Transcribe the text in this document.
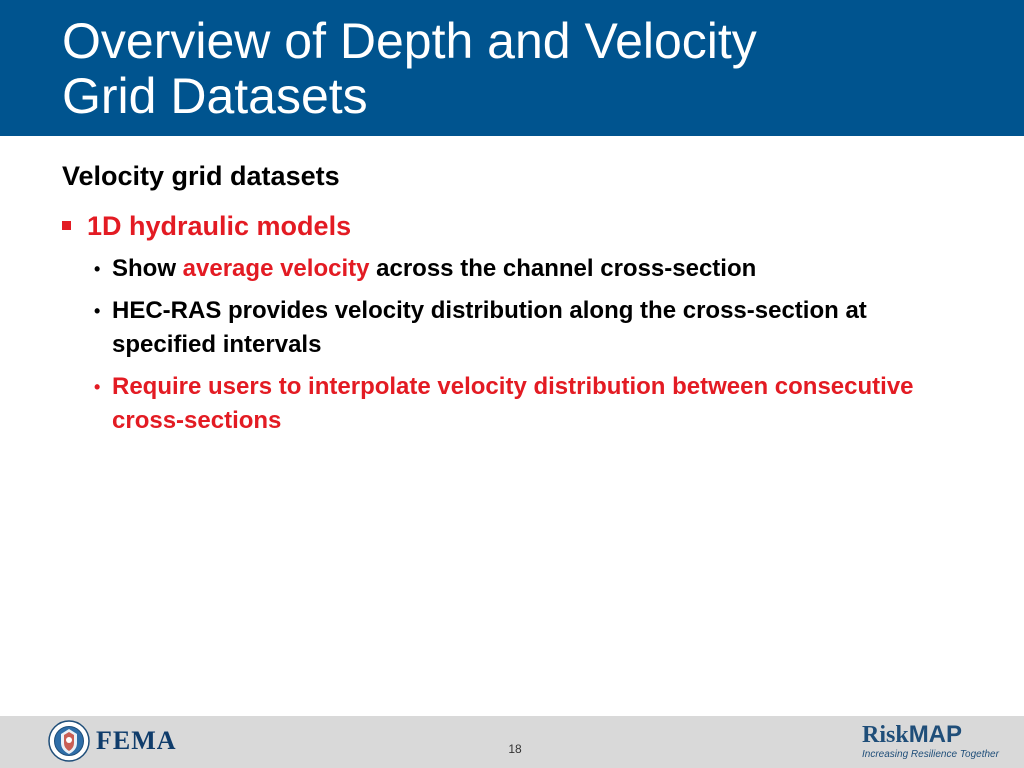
Overview of Depth and Velocity
Grid Datasets
Velocity grid datasets
1D hydraulic models
• Show average velocity across the channel cross-section
• HEC-RAS provides velocity distribution along the cross-section at specified intervals
• Require users to interpolate velocity distribution between consecutive cross-sections
FEMA	18
RiskMAP
Increasing Resilience Together
